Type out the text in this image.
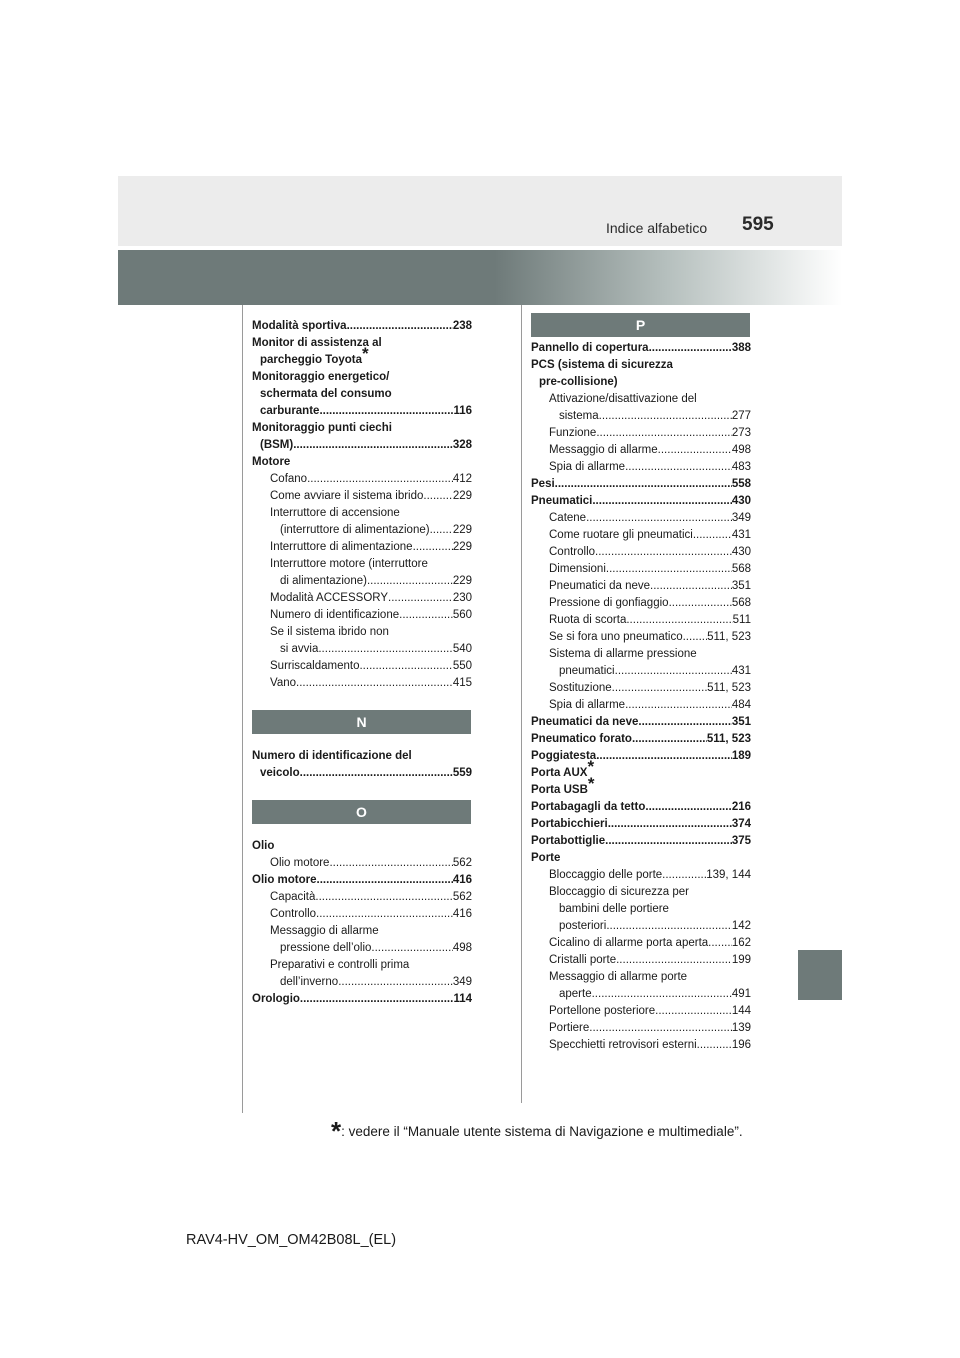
Indice alfabetico 595
Modalità sportiva .....	238
Monitor di assistenza al
parcheggio Toyota*
Monitoraggio energetico/
schermata del consumo
carburante .....	116
Monitoraggio punti ciechi
(BSM) .....	328
Motore
Cofano .....	412
Come avviare il sistema ibrido .....	229
Interruttore di accensione
(interruttore di alimentazione) ..... 229
Interruttore di alimentazione .....	229
Interruttore motore (interruttore
di alimentazione) .....	229
Modalità ACCESSORY .....	230
Numero di identificazione .....	560
Se il sistema ibrido non
si avvia .....	540
Surriscaldamento .....	550
Vano .....	415
N
Numero di identificazione del
veicolo .....	559
O
Olio
Olio motore .....	562
Olio motore .....	416
Capacità .....	562
Controllo .....	416
Messaggio di allarme
pressione dell’olio .....	498
Preparativi e controlli prima
dell’inverno .....	349
Orologio .....	114
P
Pannello di copertura .....	388
PCS (sistema di sicurezza
pre-collisione)
Attivazione/disattivazione del
sistema .....	277
Funzione .....	273
Messaggio di allarme .....	498
Spia di allarme .....	483
Pesi .....	558
Pneumatici .....	430
Catene .....	349
Come ruotare gli pneumatici .....	431
Controllo .....	430
Dimensioni .....	568
Pneumatici da neve .....	351
Pressione di gonfiaggio .....	568
Ruota di scorta .....	511
Se si fora uno pneumatico ..... 511, 523
Sistema di allarme pressione
pneumatici .....	431
Sostituzione .....	511, 523
Spia di allarme .....	484
Pneumatici da neve .....	351
Pneumatico forato .....	511, 523
Poggiatesta .....	189
Porta AUX*
Porta USB*
Portabagagli da tetto .....	216
Portabicchieri .....	374
Portabottiglie .....	375
Porte
Bloccaggio delle porte .....	139, 144
Bloccaggio di sicurezza per
bambini delle portiere
posteriori .....	142
Cicalino di allarme porta aperta ..... 162
Cristalli porte .....	199
Messaggio di allarme porte
aperte .....	491
Portellone posteriore .....	144
Portiere .....	139
Specchietti retrovisori esterni .....	196
*: vedere il “Manuale utente sistema di Navigazione e multimediale”.
RAV4-HV_OM_OM42B08L_(EL)
